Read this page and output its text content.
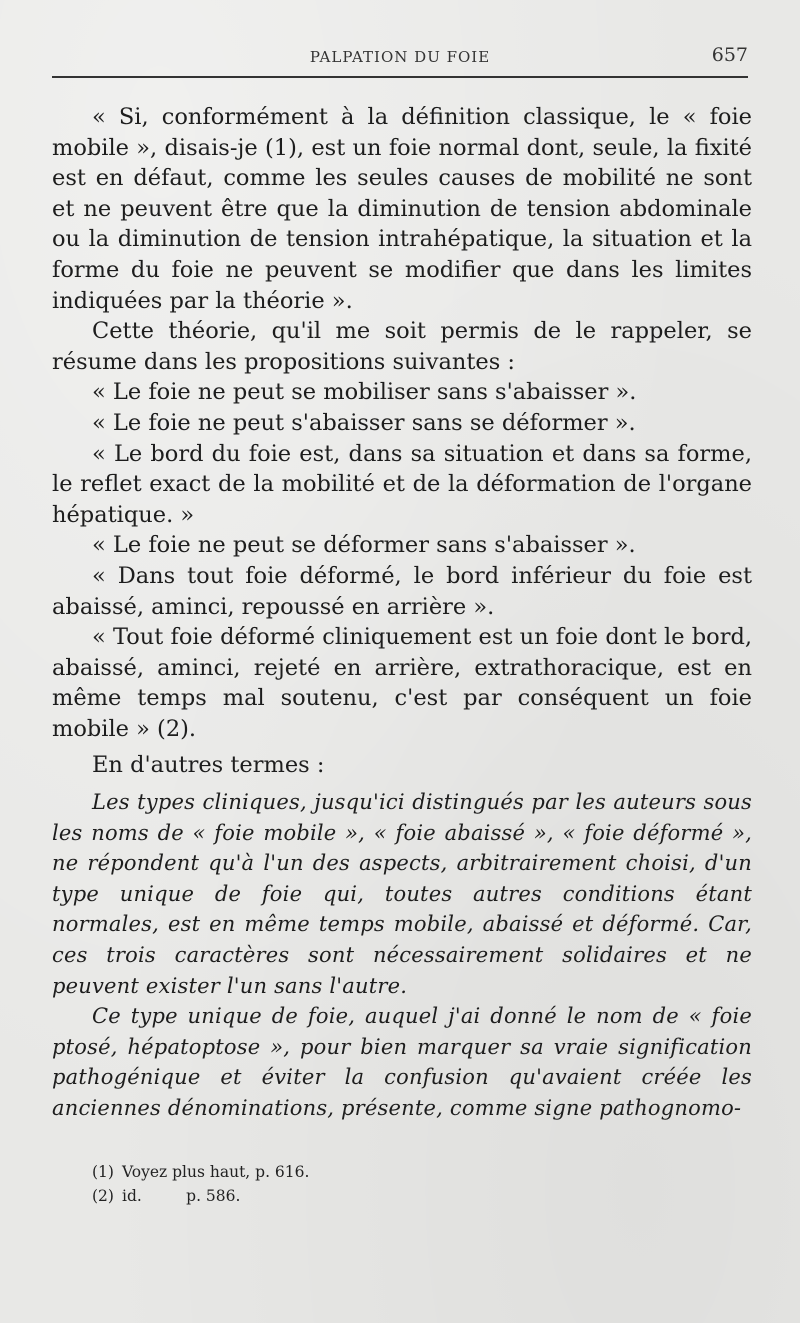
PALPATION DU FOIE	657

« Si, conformément à la définition classique, le « foie mobile », disais-je (1), est un foie normal dont, seule, la fixité est en défaut, comme les seules causes de mobilité ne sont et ne peuvent être que la diminution de tension abdominale ou la diminution de tension intrahépatique, la situation et la forme du foie ne peuvent se modifier que dans les limites indiquées par la théorie ».

Cette théorie, qu'il me soit permis de le rappeler, se résume dans les propositions suivantes :

« Le foie ne peut se mobiliser sans s'abaisser ».

« Le foie ne peut s'abaisser sans se déformer ».

« Le bord du foie est, dans sa situation et dans sa forme, le reflet exact de la mobilité et de la déformation de l'organe hépatique. »

« Le foie ne peut se déformer sans s'abaisser ».

« Dans tout foie déformé, le bord inférieur du foie est abaissé, aminci, repoussé en arrière ».

« Tout foie déformé cliniquement est un foie dont le bord, abaissé, aminci, rejeté en arrière, extrathoracique, est en même temps mal soutenu, c'est par conséquent un foie mobile » (2).

En d'autres termes :

Les types cliniques, jusqu'ici distingués par les auteurs sous les noms de « foie mobile », « foie abaissé », « foie déformé », ne répondent qu'à l'un des aspects, arbitrairement choisi, d'un type unique de foie qui, toutes autres conditions étant normales, est en même temps mobile, abaissé et déformé. Car, ces trois caractères sont nécessairement solidaires et ne peuvent exister l'un sans l'autre.

Ce type unique de foie, auquel j'ai donné le nom de « foie ptosé, hépatoptose », pour bien marquer sa vraie signification pathogénique et éviter la confusion qu'avaient créée les anciennes dénominations, présente, comme signe pathognomo-

(1) Voyez plus haut, p. 616.
(2) id.         p. 586.
